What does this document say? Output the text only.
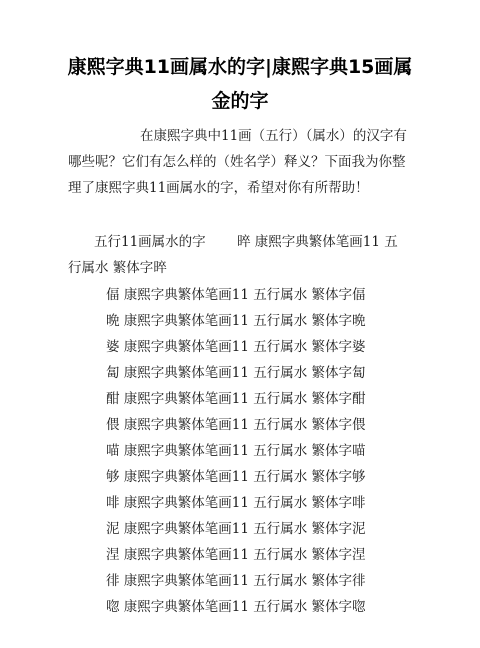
康熙字典11画属水的字|康熙字典15画属
金的字

在康熙字典中11画（五行）（属水）的汉字有

哪些呢？它们有怎么样的（姓名学）释义？下面我为你整

理了康熙字典11画属水的字，希望对你有所帮助！

五行11画属水的字　　 晬 康熙字典繁体笔画11 五

行属水 繁体字晬

偪 康熙字典繁体笔画11 五行属水 繁体字偪
晩 康熙字典繁体笔画11 五行属水 繁体字晩
婆 康熙字典繁体笔画11 五行属水 繁体字婆
匐 康熙字典繁体笔画11 五行属水 繁体字匐
酣 康熙字典繁体笔画11 五行属水 繁体字酣
偎 康熙字典繁体笔画11 五行属水 繁体字偎
喵 康熙字典繁体笔画11 五行属水 繁体字喵
够 康熙字典繁体笔画11 五行属水 繁体字够
啡 康熙字典繁体笔画11 五行属水 繁体字啡
泥 康熙字典繁体笔画11 五行属水 繁体字泥
涅 康熙字典繁体笔画11 五行属水 繁体字涅
徘 康熙字典繁体笔画11 五行属水 繁体字徘
唿 康熙字典繁体笔画11 五行属水 繁体字唿
